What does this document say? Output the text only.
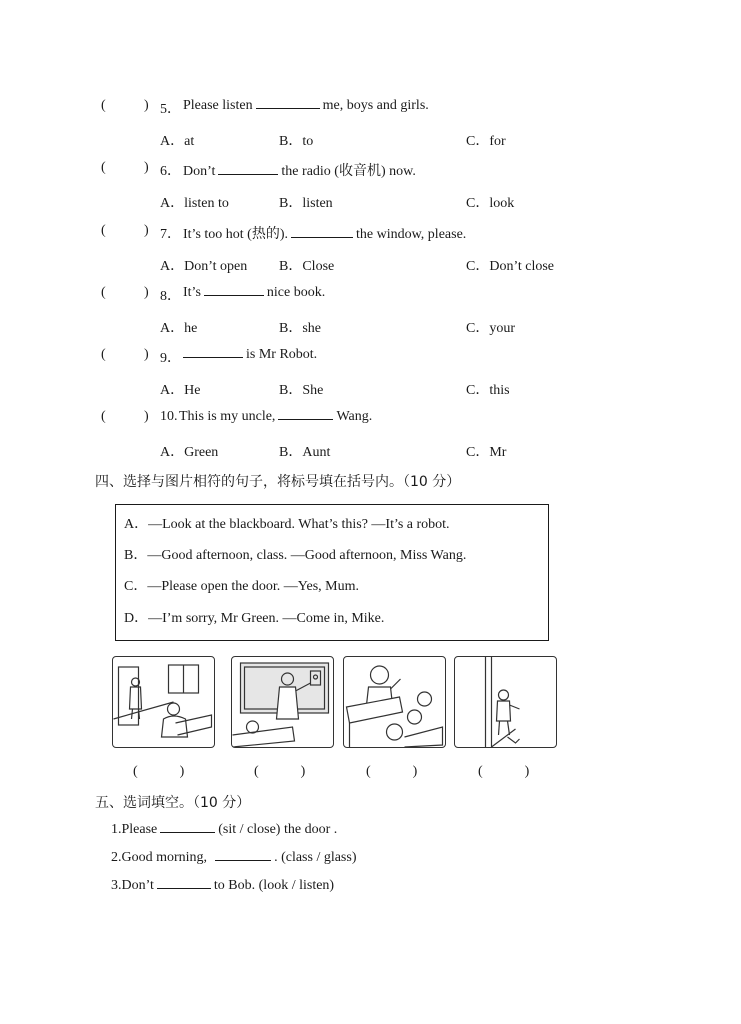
(	) 5． Please listen	me, boys and girls.
A．at	B．to	C．for
(	) 6． Don’t	the radio (收音机) now.
A．listen to	B．listen	C．look
(	) 7． It’s too hot (热的).	the window, please.
A．Don’t open B．Close	C．Don’t close
(	) 8． It’s	nice book.
A．he	B．she	C．your
(	) 9．	is Mr Robot.
A．He	B．She	C．this
(	) 10. This is my uncle,	Wang.
A．Green	B．Aunt	C．Mr
四、选择与图片相符的句子，将标号填在括号内。（10 分）
A．—Look at the blackboard. What’s this? —It’s a robot.
B．—Good afternoon, class. —Good afternoon, Miss Wang.
C．—Please open the door. —Yes, Mum.
D．—I’m sorry, Mr Green. —Come in, Mike.
(　　　)	(　　　)	(　　　)	(　　　)
五、选词填空。（10 分）
1.Please	(sit / close) the door .
2.Good morning,	. (class / glass)
3.Don’t	to Bob. (look / listen)
